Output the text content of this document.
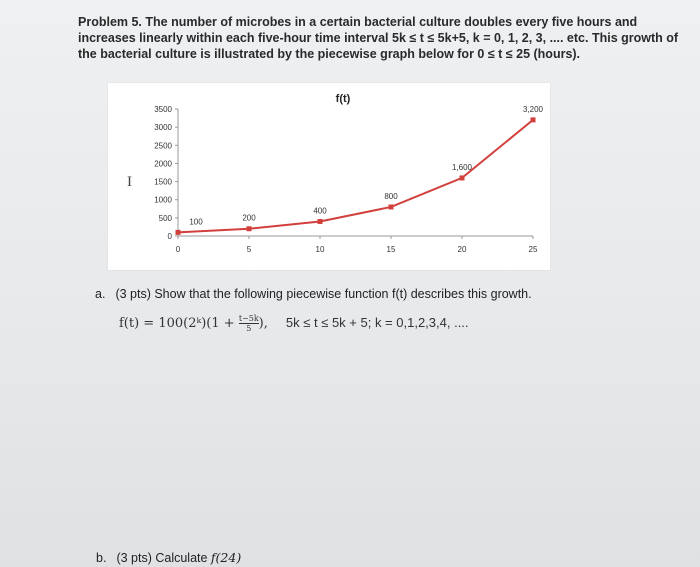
Problem 5. The number of microbes in a certain bacterial culture doubles every five hours and
increases linearly within each five-hour time interval 5k ≤ t ≤ 5k+5, k = 0, 1, 2, 3, .... etc. This growth of
the bacterial culture is illustrated by the piecewise graph below for 0 ≤ t ≤ 25 (hours).
f(t)
0
500
1000
1500
2000
2500
3000
3500
0	5	10	15	20	25
100	200
400
800
1,600
3,200
I
a. (3 pts) Show that the following piecewise function f(t) describes this growth.
f(t) = 100(2ᵏ)(1 + $\frac{t-5k}{5}$ ), 5k ≤ t ≤ 5k + 5; k = 0,1,2,3,4, ....
b. (3 pts) Calculate f(24)
